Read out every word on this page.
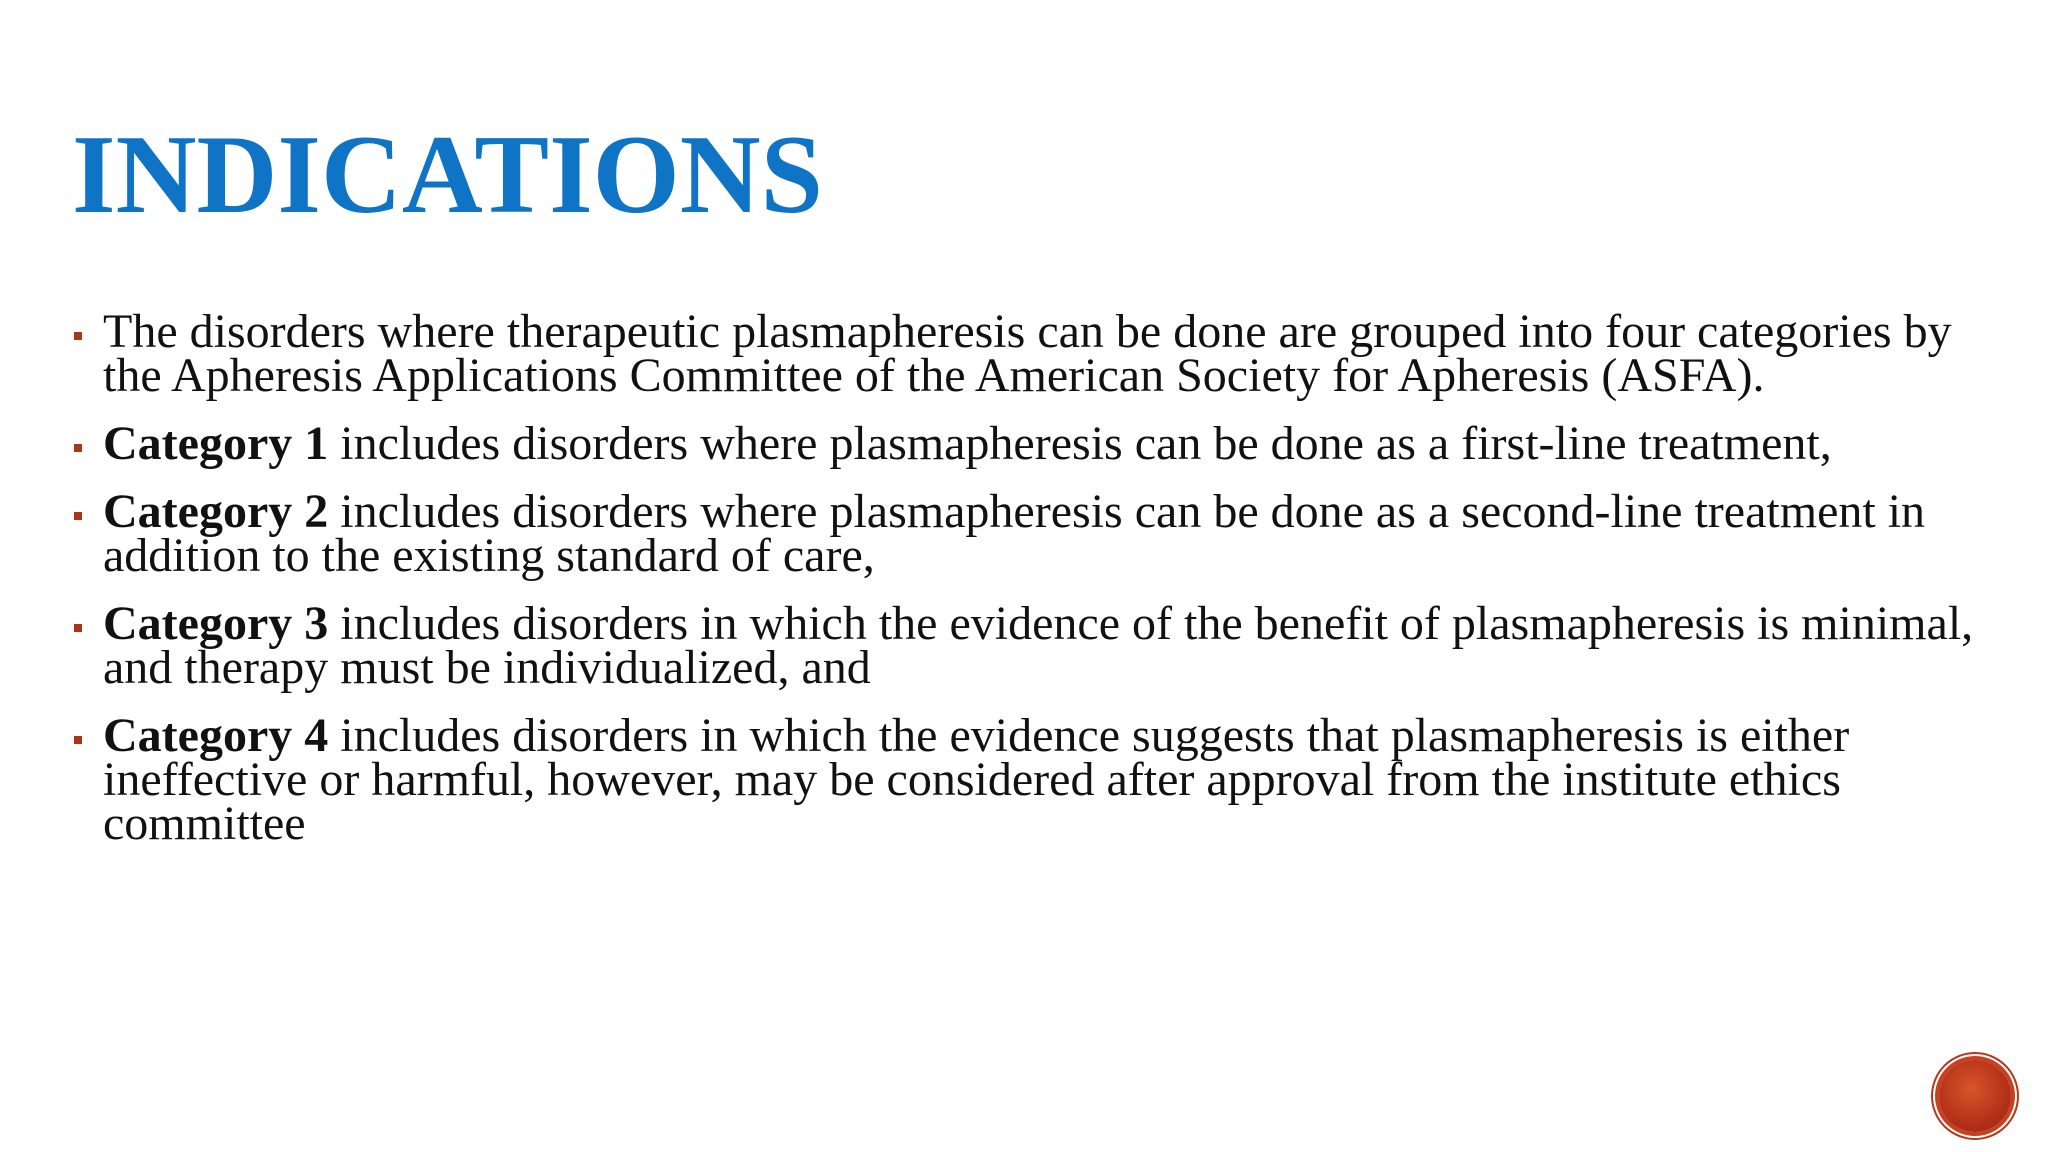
INDICATIONS
The disorders where therapeutic plasmapheresis can be done are grouped into four categories by the Apheresis Applications Committee of the American Society for Apheresis (ASFA).
Category 1 includes disorders where plasmapheresis can be done as a first-line treatment,
Category 2 includes disorders where plasmapheresis can be done as a second-line treatment in addition to the existing standard of care,
Category 3 includes disorders in which the evidence of the benefit of plasmapheresis is minimal, and therapy must be individualized, and
Category 4 includes disorders in which the evidence suggests that plasmapheresis is either ineffective or harmful, however, may be considered after approval from the institute ethics committee
